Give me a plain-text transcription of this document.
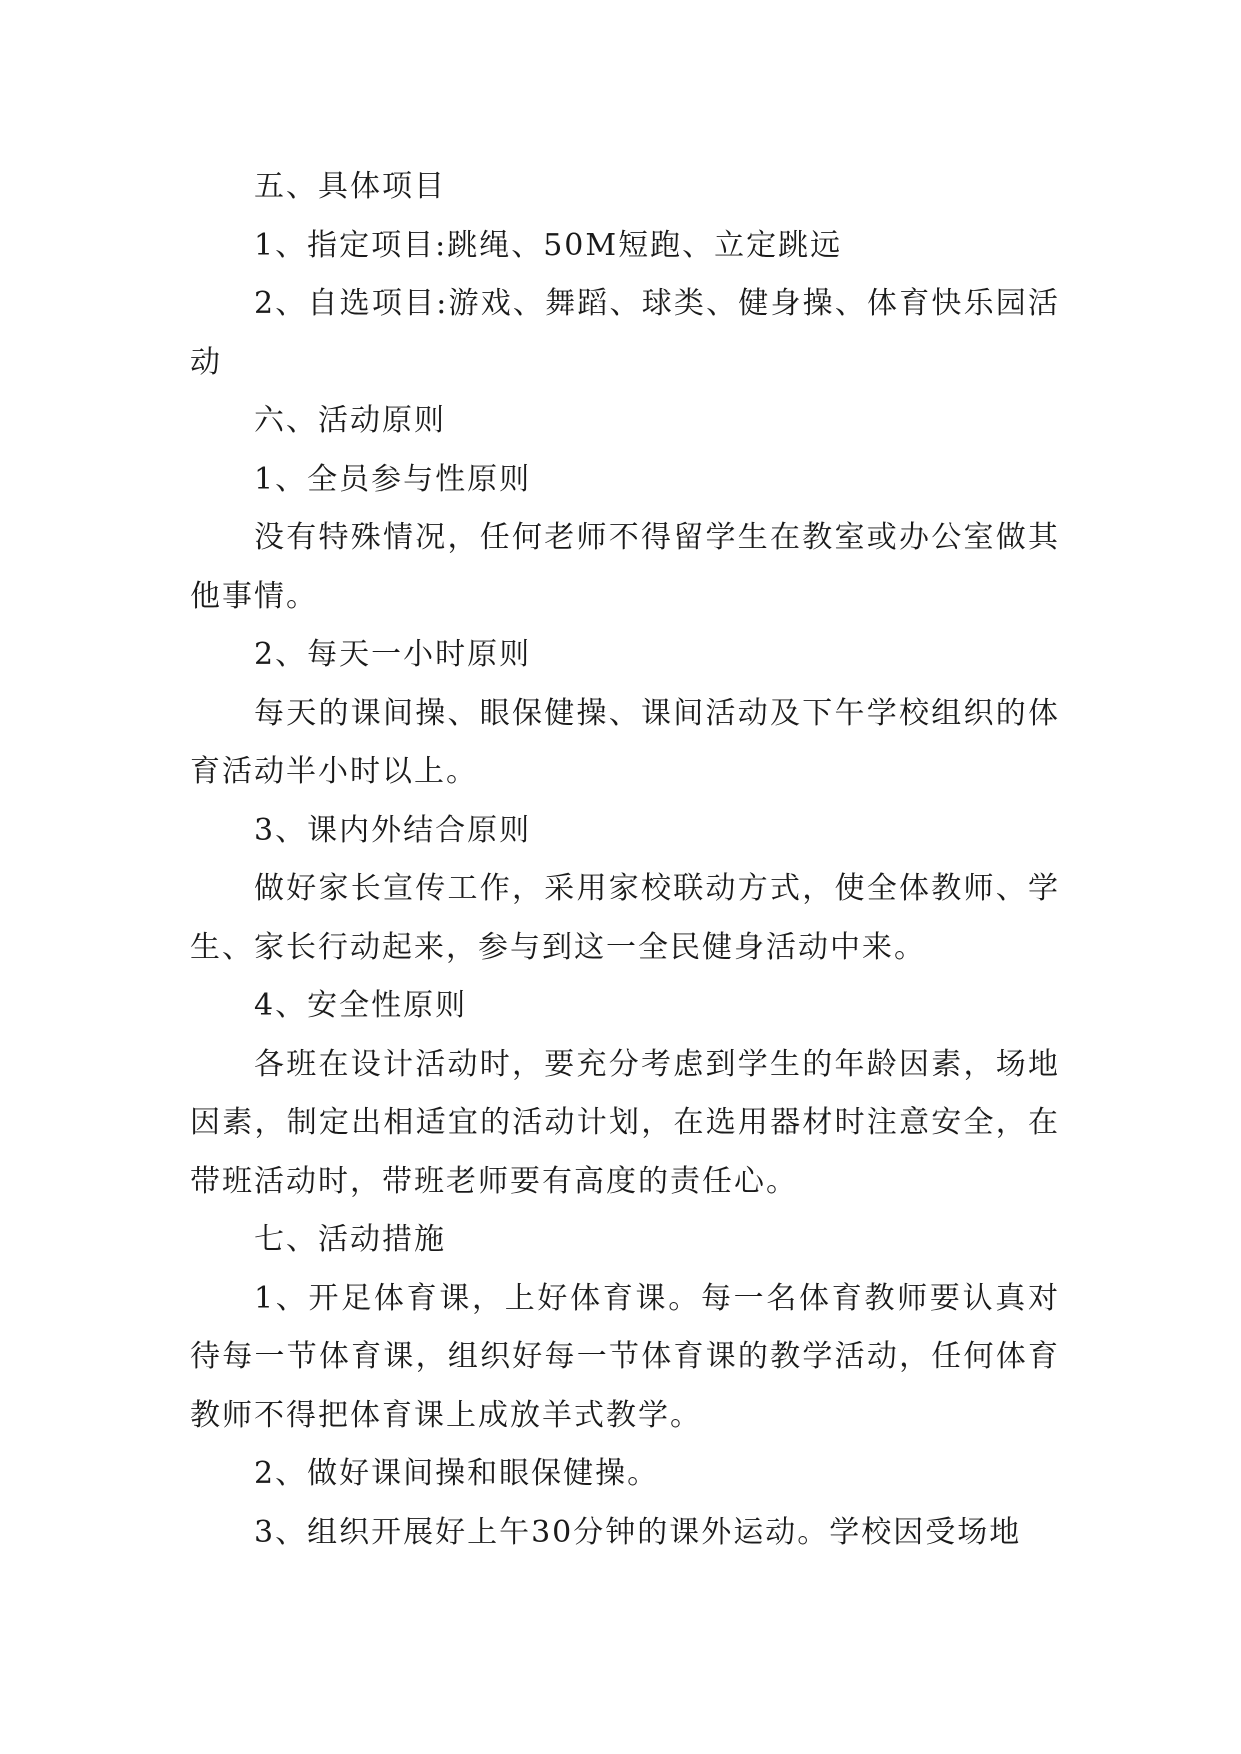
五、具体项目

1、指定项目:跳绳、50M短跑、立定跳远

2、自选项目:游戏、舞蹈、球类、健身操、体育快乐园活动

六、活动原则

1、全员参与性原则

没有特殊情况，任何老师不得留学生在教室或办公室做其他事情。

2、每天一小时原则

每天的课间操、眼保健操、课间活动及下午学校组织的体育活动半小时以上。

3、课内外结合原则

做好家长宣传工作，采用家校联动方式，使全体教师、学生、家长行动起来，参与到这一全民健身活动中来。

4、安全性原则

各班在设计活动时，要充分考虑到学生的年龄因素，场地因素，制定出相适宜的活动计划，在选用器材时注意安全，在带班活动时，带班老师要有高度的责任心。

七、活动措施

1、开足体育课，上好体育课。每一名体育教师要认真对待每一节体育课，组织好每一节体育课的教学活动，任何体育教师不得把体育课上成放羊式教学。

2、做好课间操和眼保健操。

3、组织开展好上午30分钟的课外运动。学校因受场地
